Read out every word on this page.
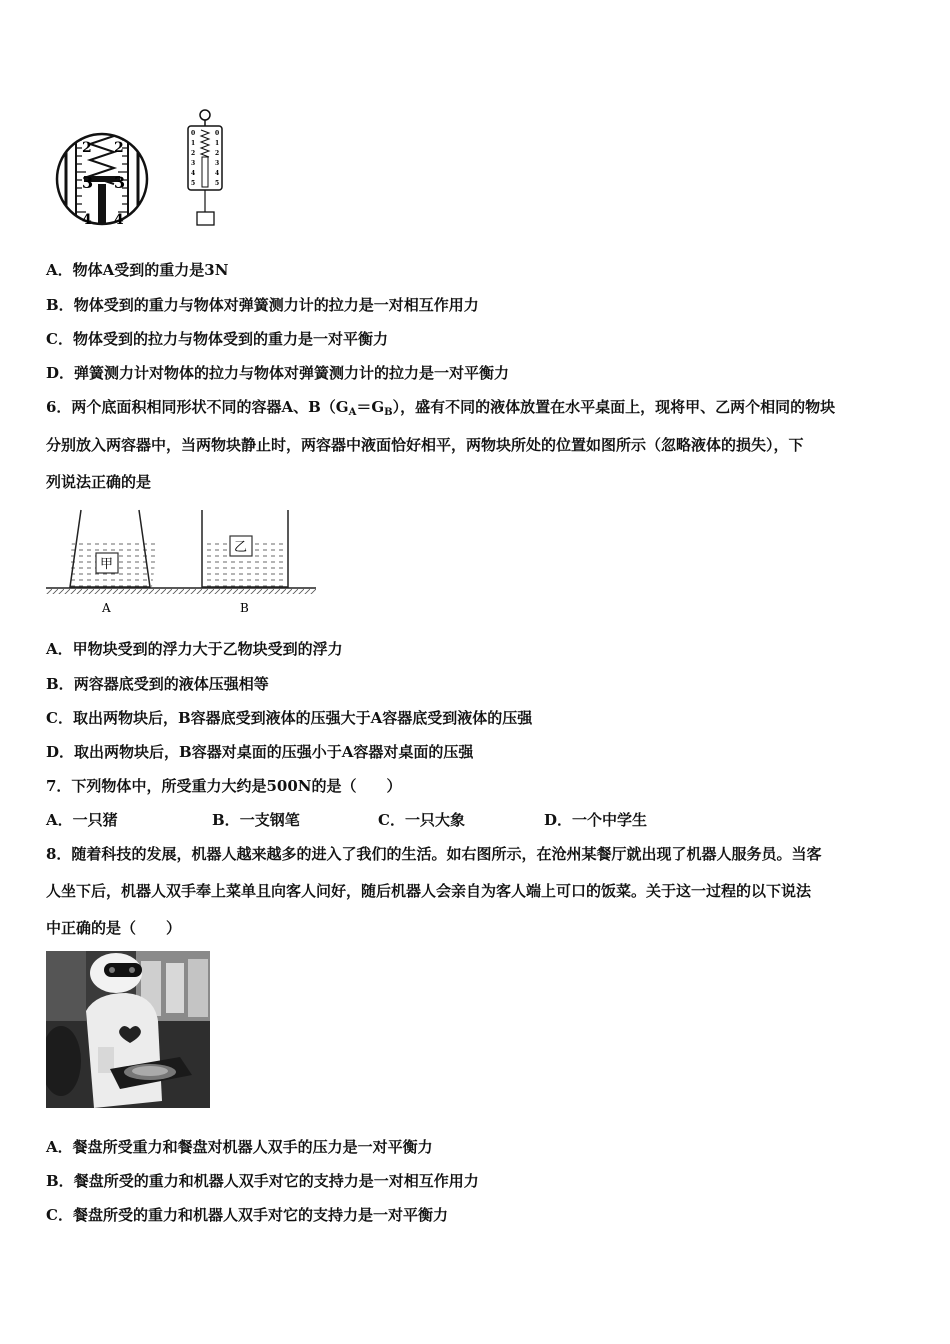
2
3
4
2
3
4
0
1
2
3
4
5
0
1
2
3
4
5
A．物体A受到的重力是3N
B．物体受到的重力与物体对弹簧测力计的拉力是一对相互作用力
C．物体受到的拉力与物体受到的重力是一对平衡力
D．弹簧测力计对物体的拉力与物体对弹簧测力计的拉力是一对平衡力
6．两个底面积相同形状不同的容器A、$B(G_A=G_B)$，盛有不同的液体放置在水平桌面上，现将甲、乙两个相同的物块
分别放入两容器中，当两物块静止时，两容器中液面恰好相平，两物块所处的位置如图所示（忽略液体的损失），下
列说法正确的是
甲
乙
A	B
A．甲物块受到的浮力大于乙物块受到的浮力
B．两容器底受到的液体压强相等
C．取出两物块后，B容器底受到液体的压强大于A容器底受到液体的压强
D．取出两物块后，B容器对桌面的压强小于A容器对桌面的压强
7．下列物体中，所受重力大约是500N的是（　　）
A．一只猪	B．一支钢笔	C．一只大象	D．一个中学生
8．随着科技的发展，机器人越来越多的进入了我们的生活。如右图所示，在沧州某餐厅就出现了机器人服务员。当客
人坐下后，机器人双手奉上菜单且向客人问好，随后机器人会亲自为客人端上可口的饭菜。关于这一过程的以下说法
中正确的是（　　）
A．餐盘所受重力和餐盘对机器人双手的压力是一对平衡力
B．餐盘所受的重力和机器人双手对它的支持力是一对相互作用力
C．餐盘所受的重力和机器人双手对它的支持力是一对平衡力
